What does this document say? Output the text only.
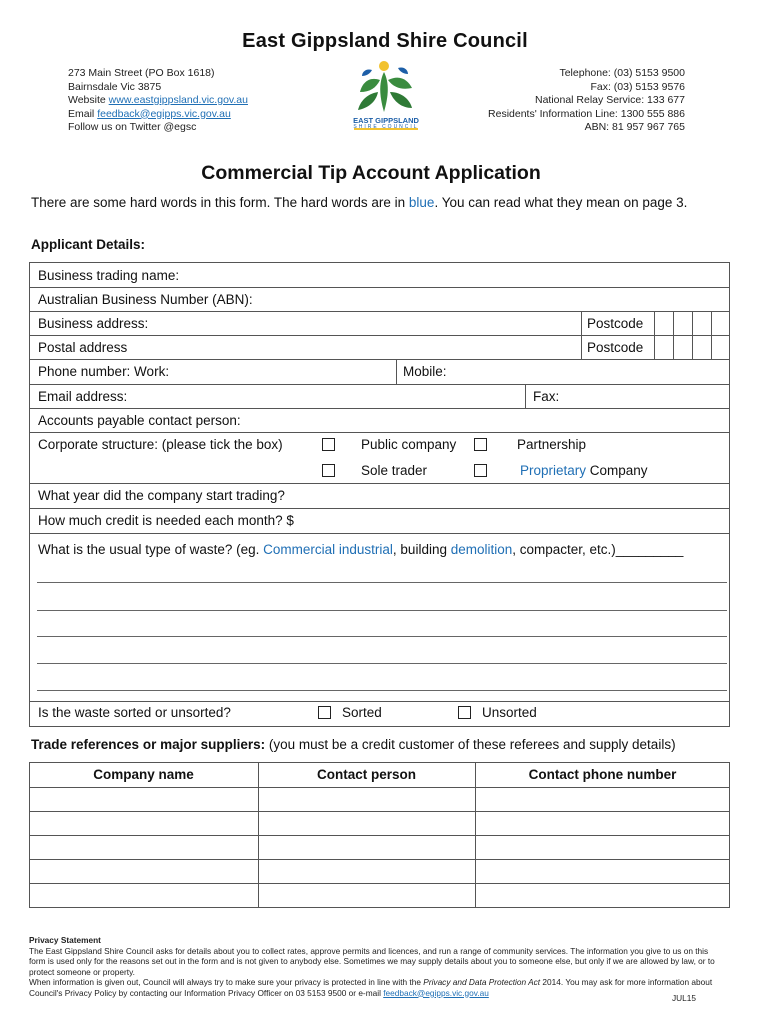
East Gippsland Shire Council
273 Main Street (PO Box 1618)
Bairnsdale Vic 3875
Website www.eastgippsland.vic.gov.au
Email feedback@egipps.vic.gov.au
Follow us on Twitter @egsc
EAST GIPPSLAND
SHIRE COUNCIL
Telephone: (03) 5153 9500
Fax: (03) 5153 9576
National Relay Service: 133 677
Residents' Information Line: 1300 555 886
ABN: 81 957 967 765
Commercial Tip Account Application
There are some hard words in this form. The hard words are in blue. You can read what they mean on page 3.
Applicant Details:
Business trading name:
Australian Business Number (ABN):
Business address:	Postcode
Postal address	Postcode
Phone number: Work:	Mobile:
Email address:	Fax:
Accounts payable contact person:
Corporate structure: (please tick the box)	Public company	Partnership
Sole trader	Proprietary Company
What year did the company start trading?
How much credit is needed each month? $
What is the usual type of waste? (eg. Commercial industrial, building demolition, compacter, etc.)_________
Is the waste sorted or unsorted?	Sorted	Unsorted
Trade references or major suppliers: (you must be a credit customer of these referees and supply details)
Company name	Contact person	Contact phone number
Privacy Statement
The East Gippsland Shire Council asks for details about you to collect rates, approve permits and licences, and run a range of community services. The information you give to us on this form is used only for the reasons set out in the form and is not given to anybody else. Sometimes we may supply details about you to someone else, but only if we are allowed by law, or to protect someone or property.
When information is given out, Council will always try to make sure your privacy is protected in line with the Privacy and Data Protection Act 2014. You may ask for more information about Council's Privacy Policy by contacting our Information Privacy Officer on 03 5153 9500 or e-mail feedback@egipps.vic.gov.au
JUL15
